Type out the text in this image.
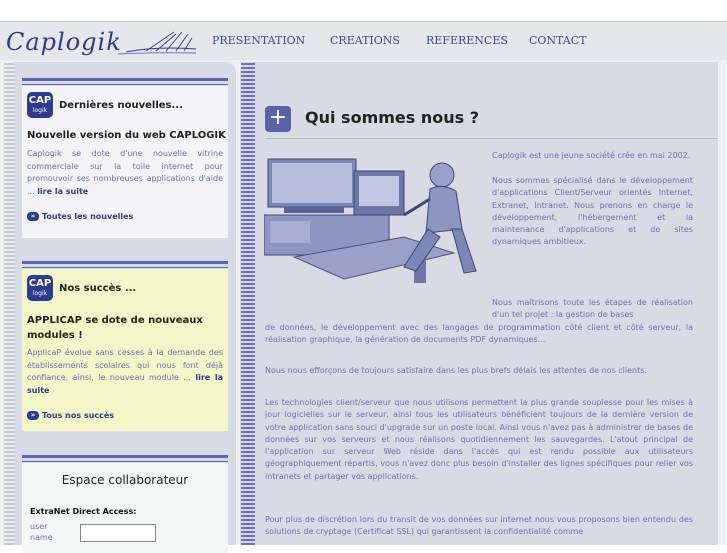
Caplogik	PRESENTATION CREATIONS REFERENCES CONTACT
CAP
logik	Dernières nouvelles...
Nouvelle version du web CAPLOGIK
Caplogik se dote d'une nouvelle vitrine commerciale sur la toile internet pour promouvoir ses nombreuses applications d'aide ... lire la suite
» Toutes les nouvelles
CAP
logik	Nos succès ...
APPLICAP se dote de nouveaux modules !
ApplicaP évolue sans cesses à la demande des établissements scolaires qui nous font déjà confiance, ainsi, le nouveau module ... lire la suite
» Tous nos succès
Espace collaborateur
ExtraNet Direct Access:
user name
+ Qui sommes nous ?
Caplogik est une jeune société crée en mai 2002.
Nous sommes spécialisé dans le développement d'applications Client/Serveur orientés Internet, Extranet, Intranet. Nous prenons en charge le développement, l'hébergement et la maintenance d'applications et de sites dynamiques ambitieux.
Nous maîtrisons toute les étapes de réalisation d'un tel projet : la gestion de bases
de données, le développement avec des langages de programmation côté client et côté serveur, la réalisation graphique, la génération de documents PDF dynamiques...
Nous nous efforçons de toujours satisfaire dans les plus brefs délais les attentes de nos clients.
Les technologies client/serveur que nous utilisons permettent la plus grande souplesse pour les mises à jour logicielles sur le serveur, ainsi tous les utilisateurs bénéficient toujours de la dernière version de votre application sans souci d'upgrade sur un poste local. Ainsi vous n'avez pas à administrer de bases de données sur vos serveurs et nous réalisons quotidiennement les sauvegardes. L'atout principal de l'application sur serveur Web réside dans l'accès qui est rendu possible aux utilisateurs géographiquement répartis, vous n'avez donc plus besoin d'installer des lignes spécifiques pour relier vos intranets et partager vos applications.
Pour plus de discrétion lors du transit de vos données sur internet nous vous proposons bien entendu des solutions de cryptage (Certificat SSL) qui garantissent la confidentialité comme
